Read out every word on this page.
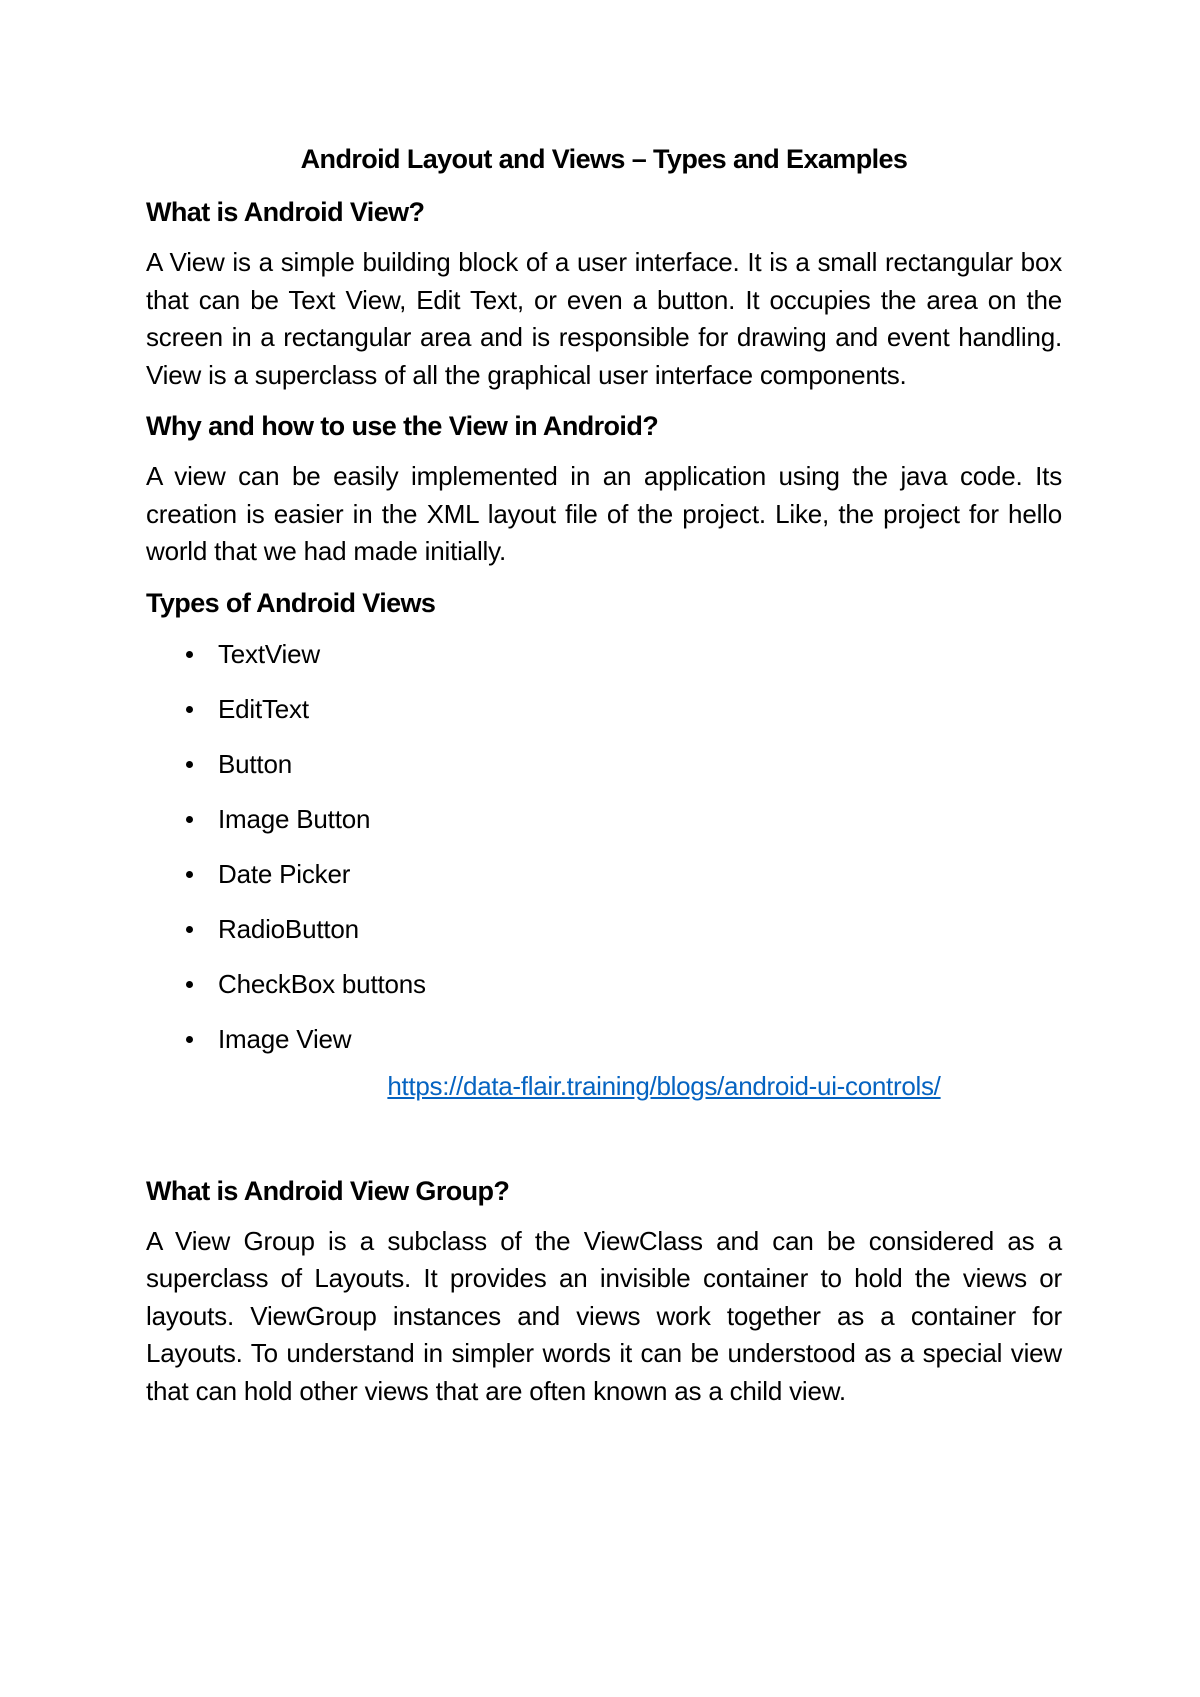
Android Layout and Views – Types and Examples
What is Android View?

A View is a simple building block of a user interface. It is a small rectangular box that can be Text View, Edit Text, or even a button. It occupies the area on the screen in a rectangular area and is responsible for drawing and event handling. View is a superclass of all the graphical user interface components.

Why and how to use the View in Android?

A view can be easily implemented in an application using the java code. Its creation is easier in the XML layout file of the project. Like, the project for hello world that we had made initially.

Types of Android Views
TextView
EditText
Button
Image Button
Date Picker
RadioButton
CheckBox buttons
Image View
https://data-flair.training/blogs/android-ui-controls/
What is Android View Group?

A View Group is a subclass of the ViewClass and can be considered as a superclass of Layouts. It provides an invisible container to hold the views or layouts. ViewGroup instances and views work together as a container for Layouts. To understand in simpler words it can be understood as a special view that can hold other views that are often known as a child view.
